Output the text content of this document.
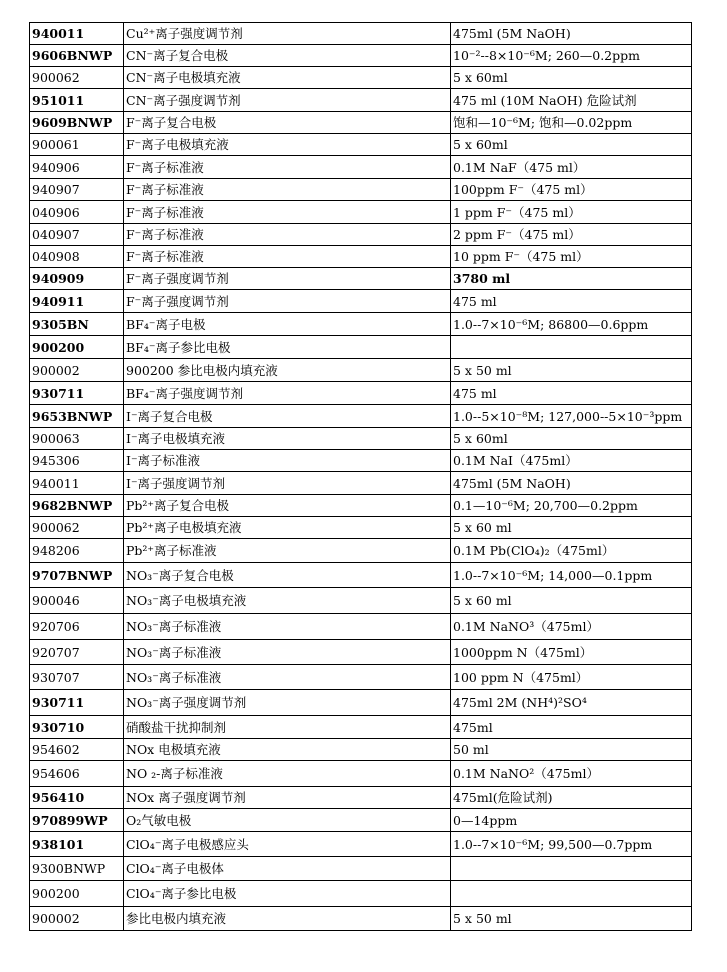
940011	Cu²⁺离子强度调节剂	475ml (5M NaOH)
9606BNWP	CN⁻离子复合电极	10⁻²--8×10⁻⁶M; 260—0.2ppm
900062	CN⁻离子电极填充液	5 x 60ml
951011	CN⁻离子强度调节剂	475 ml (10M NaOH) 危险试剂
9609BNWP	F⁻离子复合电极	饱和—10⁻⁶M; 饱和—0.02ppm
900061	F⁻离子电极填充液	5 x 60ml
940906	F⁻离子标准液	0.1M NaF（475 ml）
940907	F⁻离子标准液	100ppm F⁻（475 ml）
040906	F⁻离子标准液	1 ppm F⁻（475 ml）
040907	F⁻离子标准液	2 ppm F⁻（475 ml）
040908	F⁻离子标准液	10 ppm F⁻（475 ml）
940909	F⁻离子强度调节剂	3780 ml
940911	F⁻离子强度调节剂	475 ml
9305BN	BF₄⁻离子电极	1.0--7×10⁻⁶M; 86800—0.6ppm
900200	BF₄⁻离子参比电极	
900002	900200 参比电极内填充液	5 x 50 ml
930711	BF₄⁻离子强度调节剂	475 ml
9653BNWP	I⁻离子复合电极	1.0--5×10⁻⁸M; 127,000--5×10⁻³ppm
900063	I⁻离子电极填充液	5 x 60ml
945306	I⁻离子标准液	0.1M NaI（475ml）
940011	I⁻离子强度调节剂	475ml (5M NaOH)
9682BNWP	Pb²⁺离子复合电极	0.1—10⁻⁶M; 20,700—0.2ppm
900062	Pb²⁺离子电极填充液	5 x 60 ml
948206	Pb²⁺离子标准液	0.1M Pb(ClO₄)₂（475ml）
9707BNWP	NO₃⁻离子复合电极	1.0--7×10⁻⁶M; 14,000—0.1ppm
900046	NO₃⁻离子电极填充液	5 x 60 ml
920706	NO₃⁻离子标准液	0.1M NaNO³（475ml）
920707	NO₃⁻离子标准液	1000ppm N（475ml）
930707	NO₃⁻离子标准液	100 ppm N（475ml）
930711	NO₃⁻离子强度调节剂	475ml 2M (NH⁴)²SO⁴
930710	硝酸盐干扰抑制剂	475ml
954602	NOx 电极填充液	50 ml
954606	NO ₂-离子标准液	0.1M NaNO²（475ml）
956410	NOx 离子强度调节剂	475ml(危险试剂)
970899WP	O₂气敏电极	0—14ppm
938101	ClO₄⁻离子电极感应头	1.0--7×10⁻⁶M; 99,500—0.7ppm
9300BNWP	ClO₄⁻离子电极体	
900200	ClO₄⁻离子参比电极	
900002	参比电极内填充液	5 x 50 ml
